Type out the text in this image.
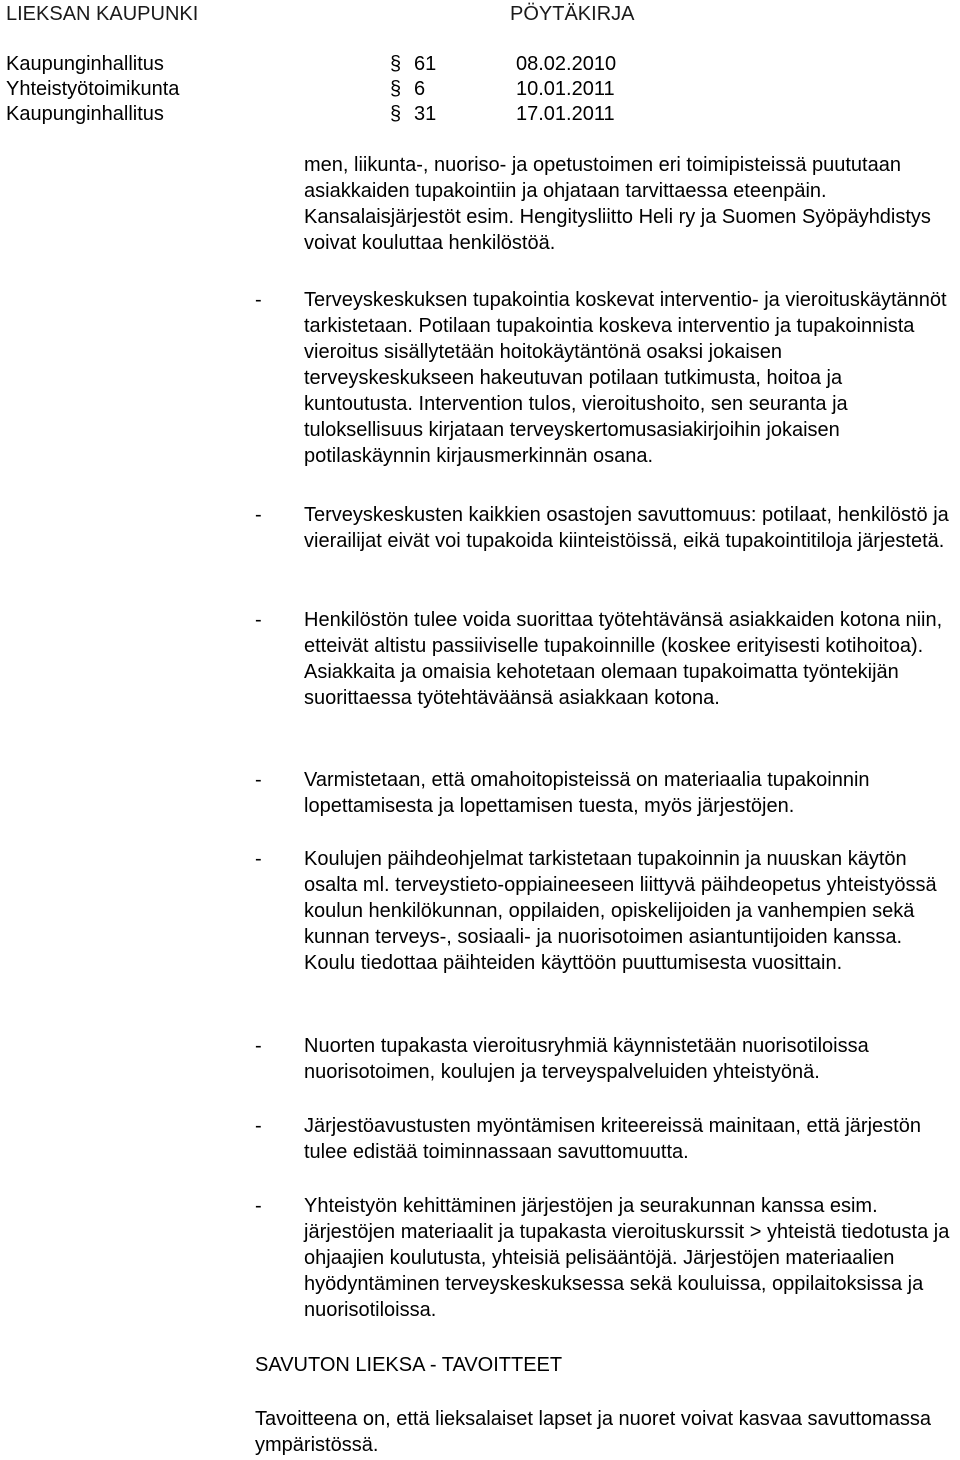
LIEKSAN KAUPUNKI	PÖYTÄKIRJA
Kaupunginhallitus	§ 61	08.02.2010
Yhteistyötoimikunta	§ 6	10.01.2011
Kaupunginhallitus	§ 31	17.01.2011

men, liikunta-, nuoriso- ja opetustoimen eri toimipisteissä puututaan asiakkaiden tupakointiin ja ohjataan tarvittaessa eteenpäin. Kansalaisjärjestöt esim. Hengitysliitto Heli ry ja Suomen Syöpäyhdistys voivat kouluttaa henkilöstöä.

- Terveyskeskuksen tupakointia koskevat interventio- ja vieroituskäytännöt tarkistetaan. Potilaan tupakointia koskeva interventio ja tupakoinnista vieroitus sisällytetään hoitokäytäntönä osaksi jokaisen terveyskeskukseen hakeutuvan potilaan tutkimusta, hoitoa ja kuntoutusta. Intervention tulos, vieroitushoito, sen seuranta ja tuloksellisuus kirjataan terveyskertomusasiakirjoihin jokaisen potilaskäynnin kirjausmerkinnän osana.

- Terveyskeskusten kaikkien osastojen savuttomuus: potilaat, henkilöstö ja vierailijat eivät voi tupakoida kiinteistöissä, eikä tupakointitiloja järjestetä.

- Henkilöstön tulee voida suorittaa työtehtävänsä asiakkaiden kotona niin, etteivät altistu passiiviselle tupakoinnille (koskee erityisesti kotihoitoa). Asiakkaita ja omaisia kehotetaan olemaan tupakoimatta työntekijän suorittaessa työtehtäväänsä asiakkaan kotona.

- Varmistetaan, että omahoitopisteissä on materiaalia tupakoinnin lopettamisesta ja lopettamisen tuesta, myös järjestöjen.

- Koulujen päihdeohjelmat tarkistetaan tupakoinnin ja nuuskan käytön osalta ml. terveystieto-oppiaineeseen liittyvä päihdeopetus yhteistyössä koulun henkilökunnan, oppilaiden, opiskelijoiden ja vanhempien sekä kunnan terveys-, sosiaali- ja nuorisotoimen asiantuntijoiden kanssa. Koulu tiedottaa päihteiden käyttöön puuttumisesta vuosittain.

- Nuorten tupakasta vieroitusryhmiä käynnistetään nuorisotiloissa nuorisotoimen, koulujen ja terveyspalveluiden yhteistyönä.

- Järjestöavustusten myöntämisen kriteereissä mainitaan, että järjestön tulee edistää toiminnassaan savuttomuutta.

- Yhteistyön kehittäminen järjestöjen ja seurakunnan kanssa esim. järjestöjen materiaalit ja tupakasta vieroituskurssit > yhteistä tiedotusta ja ohjaajien koulutusta, yhteisiä pelisääntöjä. Järjestöjen materiaalien hyödyntäminen terveyskeskuksessa sekä kouluissa, oppilaitoksissa ja nuorisotiloissa.

SAVUTON LIEKSA - TAVOITTEET

Tavoitteena on, että lieksalaiset lapset ja nuoret voivat kasvaa savuttomassa ympäristössä.
